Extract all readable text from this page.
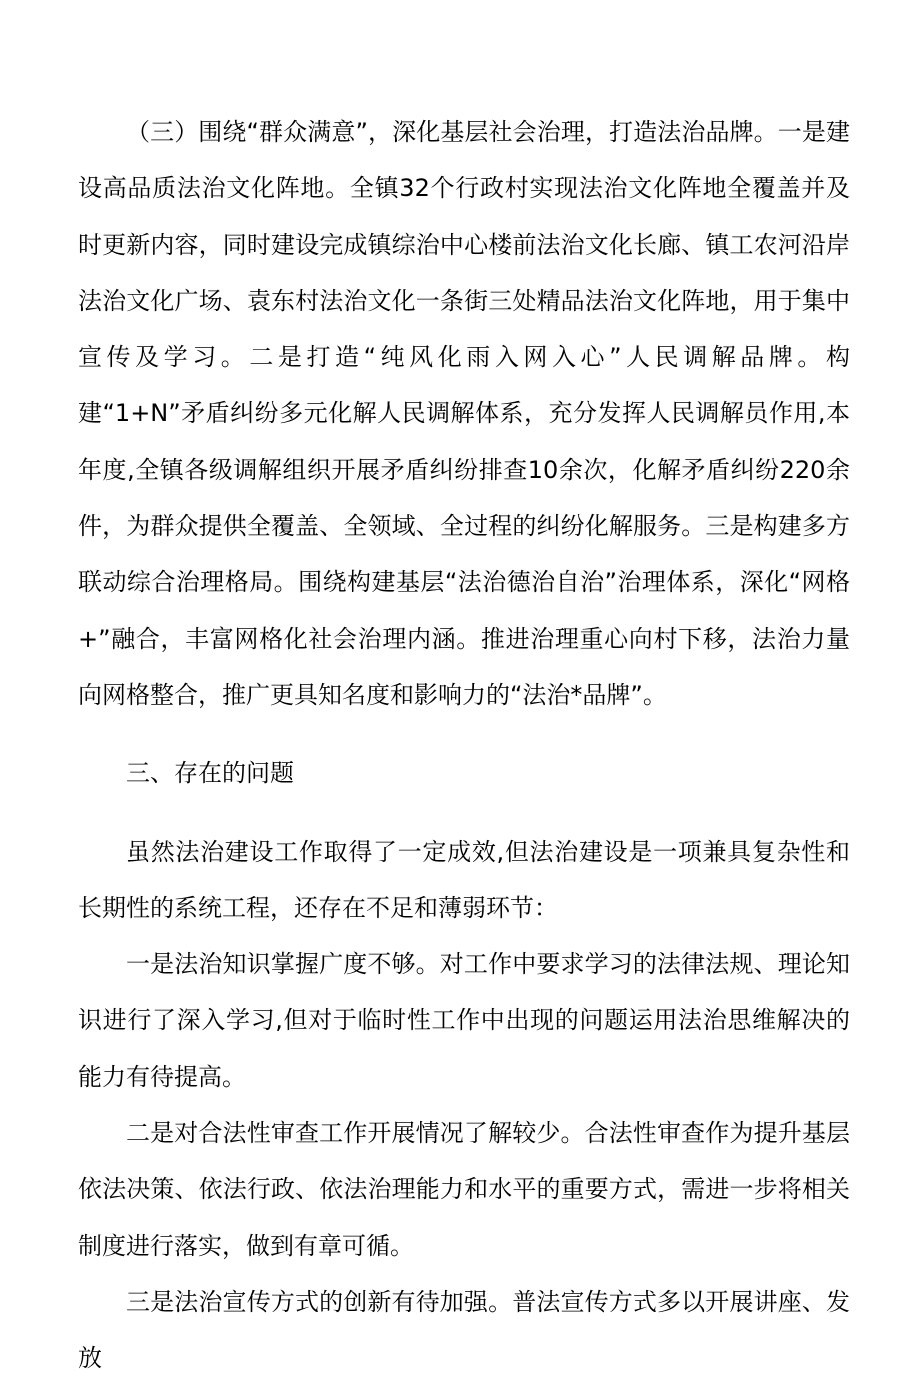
（三）围绕“群众满意”，深化基层社会治理，打造法治品牌。一是建设高品质法治文化阵地。全镇32个行政村实现法治文化阵地全覆盖并及时更新内容，同时建设完成镇综治中心楼前法治文化长廊、镇工农河沿岸法治文化广场、袁东村法治文化一条街三处精品法治文化阵地，用于集中宣传及学习。二是打造“纯风化雨入网入心”人民调解品牌。构建“1+N”矛盾纠纷多元化解人民调解体系，充分发挥人民调解员作用,本年度,全镇各级调解组织开展矛盾纠纷排查10余次，化解矛盾纠纷220余件，为群众提供全覆盖、全领域、全过程的纠纷化解服务。三是构建多方联动综合治理格局。围绕构建基层“法治德治自治”治理体系，深化“网格+”融合，丰富网格化社会治理内涵。推进治理重心向村下移，法治力量向网格整合，推广更具知名度和影响力的“法治*品牌”。

三、存在的问题

虽然法治建设工作取得了一定成效,但法治建设是一项兼具复杂性和长期性的系统工程，还存在不足和薄弱环节：

一是法治知识掌握广度不够。对工作中要求学习的法律法规、理论知识进行了深入学习,但对于临时性工作中出现的问题运用法治思维解决的能力有待提高。

二是对合法性审查工作开展情况了解较少。合法性审查作为提升基层依法决策、依法行政、依法治理能力和水平的重要方式，需进一步将相关制度进行落实，做到有章可循。

三是法治宣传方式的创新有待加强。普法宣传方式多以开展讲座、发放
